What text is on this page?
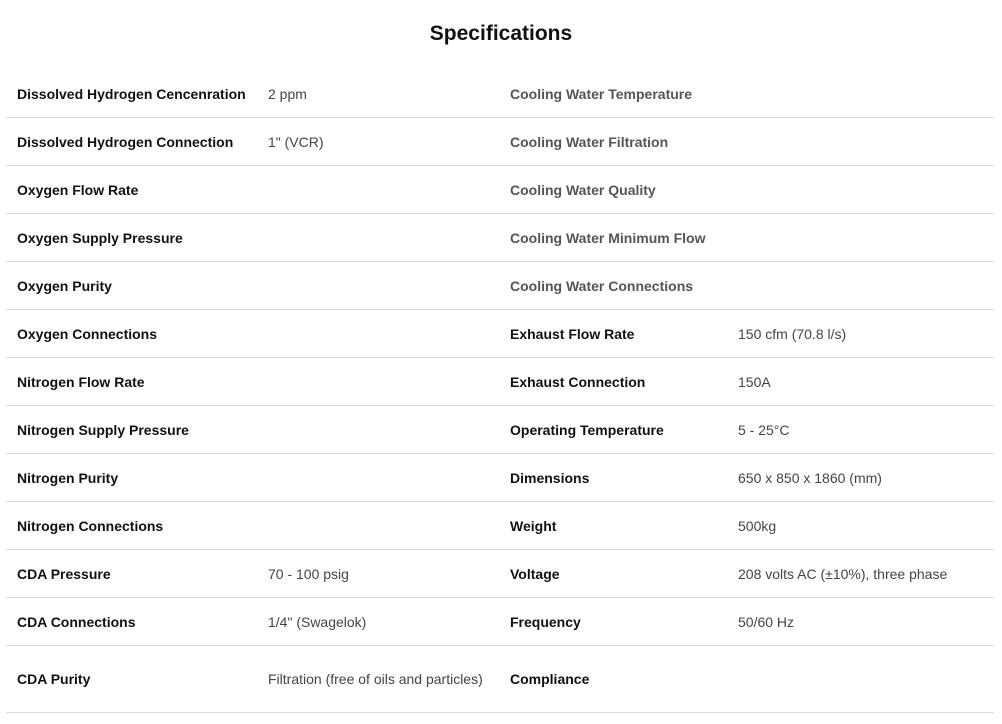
Specifications
Dissolved Hydrogen Cencenration	2 ppm	Cooling Water Temperature	
Dissolved Hydrogen Connection	1" (VCR)	Cooling Water Filtration	
Oxygen Flow Rate		Cooling Water Quality	
Oxygen Supply Pressure		Cooling Water Minimum Flow	
Oxygen Purity		Cooling Water Connections	
Oxygen Connections		Exhaust Flow Rate	150 cfm (70.8 l/s)
Nitrogen Flow Rate		Exhaust Connection	150A
Nitrogen Supply Pressure		Operating Temperature	5 - 25°C
Nitrogen Purity		Dimensions	650 x 850 x 1860 (mm)
Nitrogen Connections		Weight	500kg
CDA Pressure	70 - 100 psig	Voltage	208 volts AC (±10%), three phase
CDA Connections	1/4" (Swagelok)	Frequency	50/60 Hz
CDA Purity	Filtration (free of oils and particles)	Compliance	
